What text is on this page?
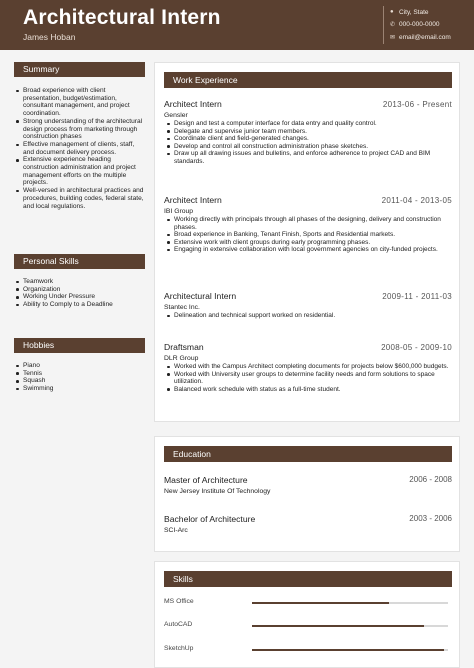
Architectural Intern
James Hoban
● City, State
✆ 000-000-0000
✉ email@email.com
Summary
Broad experience with client presentation, budget/estimation, consultant management, and project coordination.
Strong understanding of the architectural design process from marketing through construction phases
Effective management of clients, staff, and document delivery process.
Extensive experience heading construction administration and project management efforts on the multiple projects.
Well-versed in architectural practices and procedures, building codes, federal state, and local regulations.
Personal Skills
Teamwork
Organization
Working Under Pressure
Ability to Comply to a Deadline
Hobbies
Piano
Tennis
Squash
Swimming
Work Experience
Architect Intern	2013-06 - Present
Gensler
Design and test a computer interface for data entry and quality control.
Delegate and supervise junior team members.
Coordinate client and field-generated changes.
Develop and control all construction administration phase sketches.
Draw up all drawing issues and bulletins, and enforce adherence to project CAD and BIM standards.
Architect Intern	2011-04 - 2013-05
IBI Group
Working directly with principals through all phases of the designing, delivery and construction phases.
Broad experience in Banking, Tenant Finish, Sports and Residential markets.
Extensive work with client groups during early programming phases.
Engaging in extensive collaboration with local government agencies on city-funded projects.
Architectural Intern	2009-11 - 2011-03
Stantec Inc.
Delineation and technical support worked on residential.
Draftsman	2008-05 - 2009-10
DLR Group
Worked with the Campus Architect completing documents for projects below $600,000 budgets.
Worked with University user groups to determine facility needs and form solutions to space utilization.
Balanced work schedule with status as a full-time student.
Education
Master of Architecture	2006 - 2008
New Jersey Institute Of Technology
Bachelor of Architecture	2003 - 2006
SCI-Arc
Skills
MS Office
AutoCAD
SketchUp
